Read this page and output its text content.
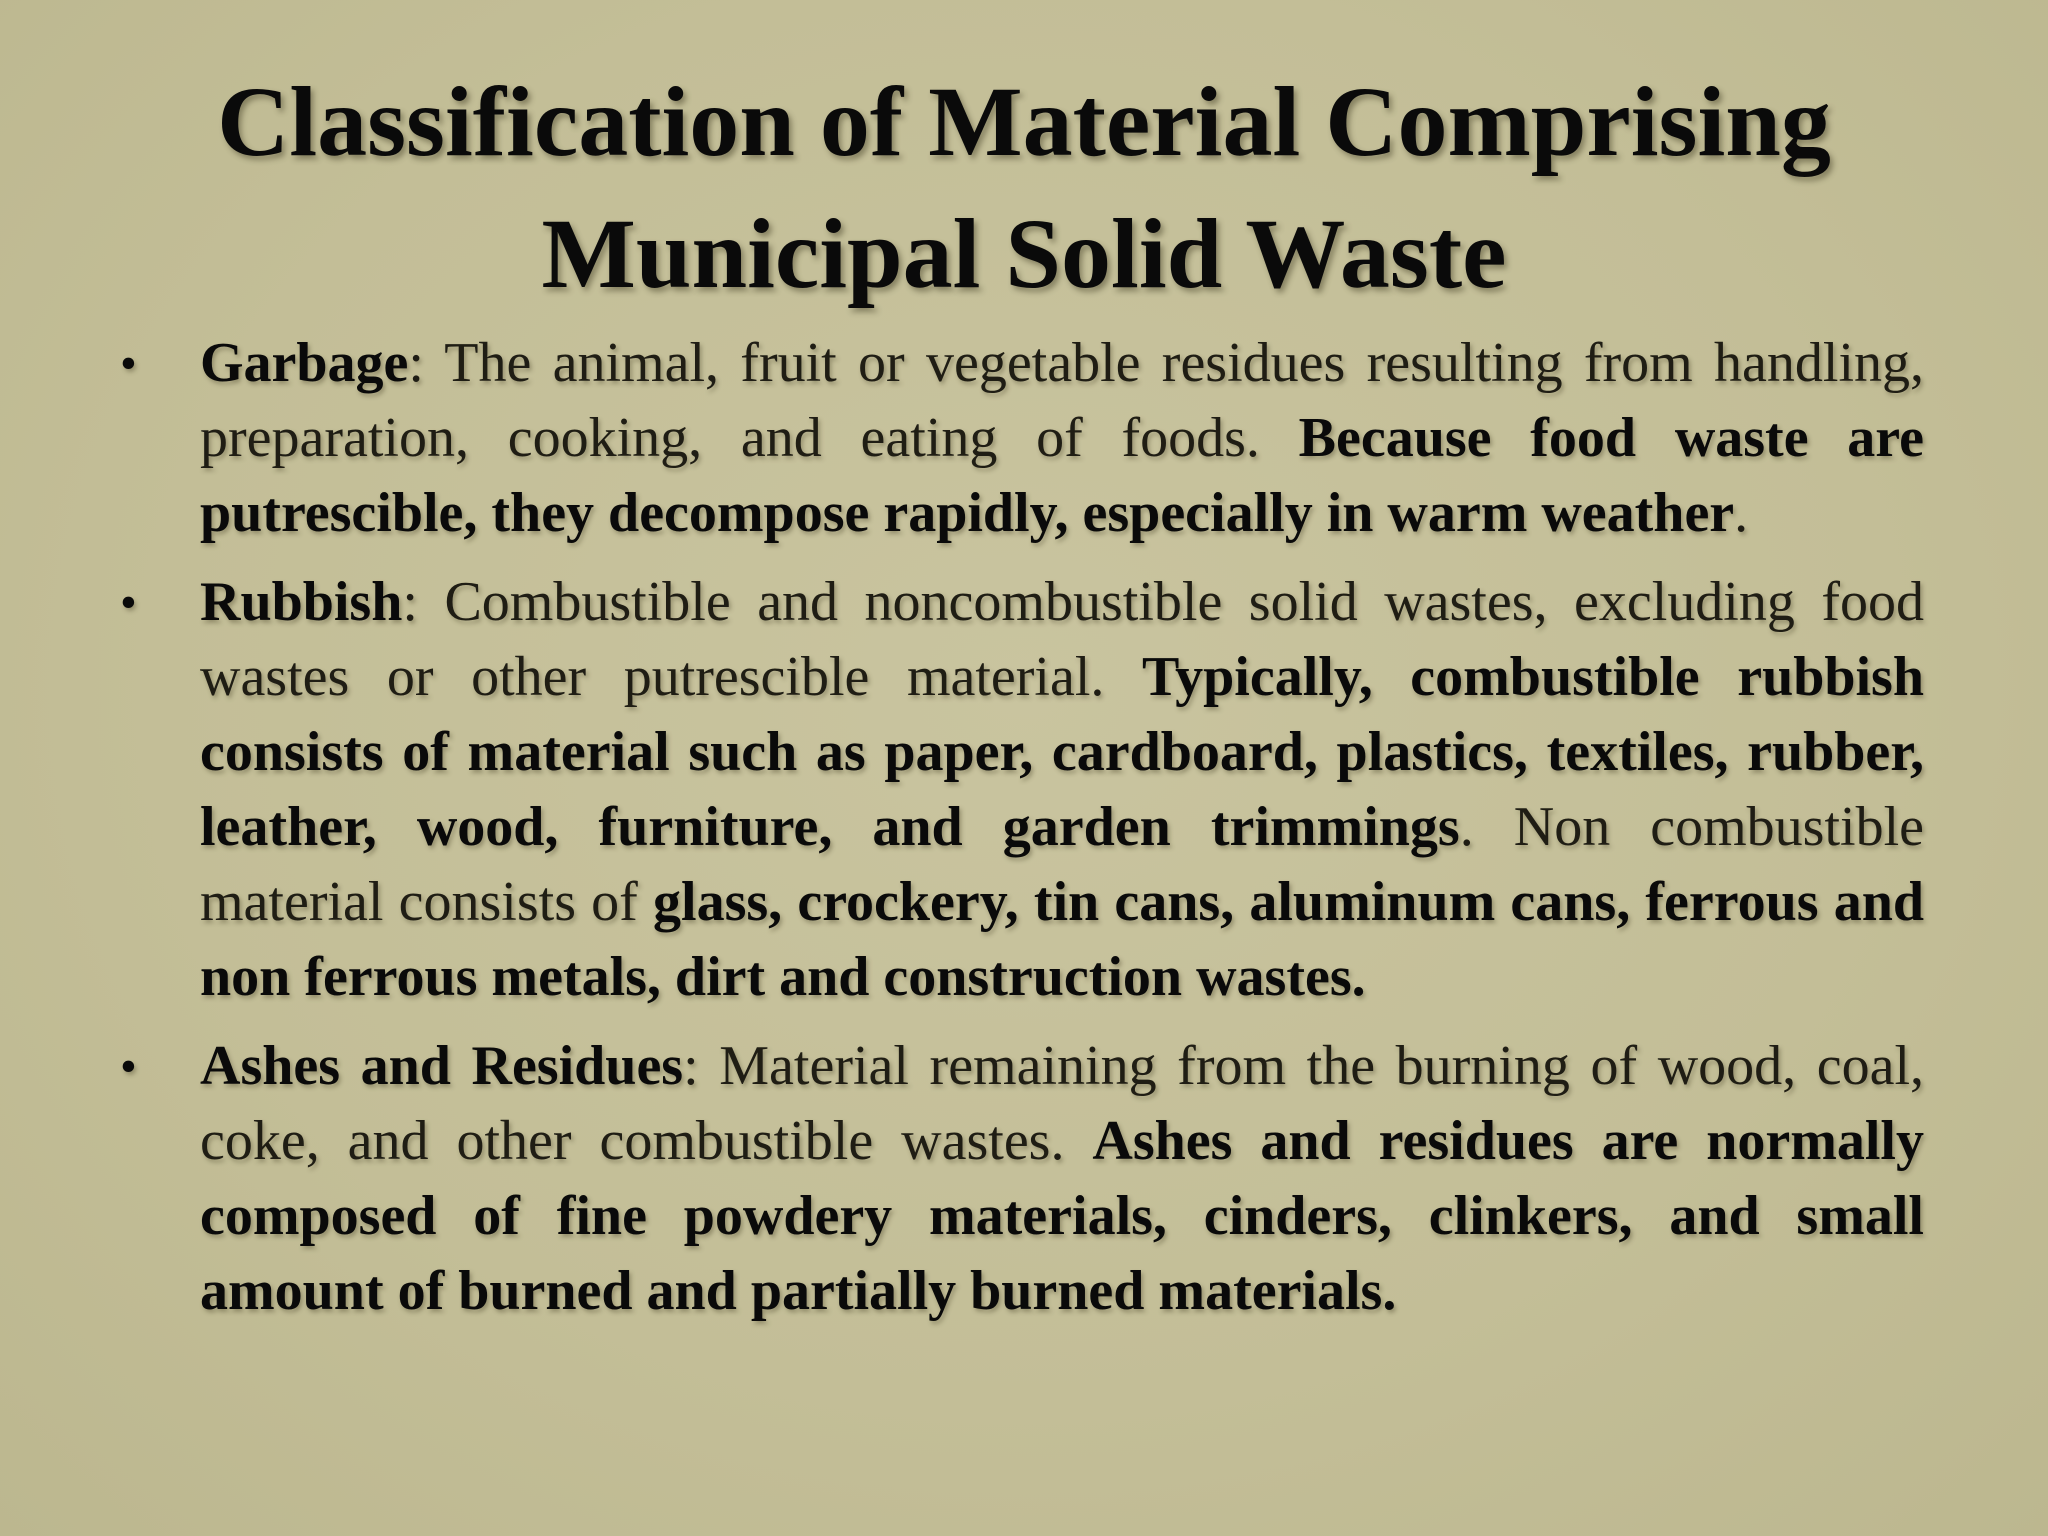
Classification of Material Comprising
Municipal Solid Waste
• Garbage: The animal, fruit or vegetable residues resulting from handling, preparation, cooking, and eating of foods. Because food waste are putrescible, they decompose rapidly, especially in warm weather.
• Rubbish: Combustible and noncombustible solid wastes, excluding food wastes or other putrescible material. Typically, combustible rubbish consists of material such as paper, cardboard, plastics, textiles, rubber, leather, wood, furniture, and garden trimmings. Non combustible material consists of glass, crockery, tin cans, aluminum cans, ferrous and non ferrous metals, dirt and construction wastes.
• Ashes and Residues: Material remaining from the burning of wood, coal, coke, and other combustible wastes. Ashes and residues are normally composed of fine powdery materials, cinders, clinkers, and small amount of burned and partially burned materials.
